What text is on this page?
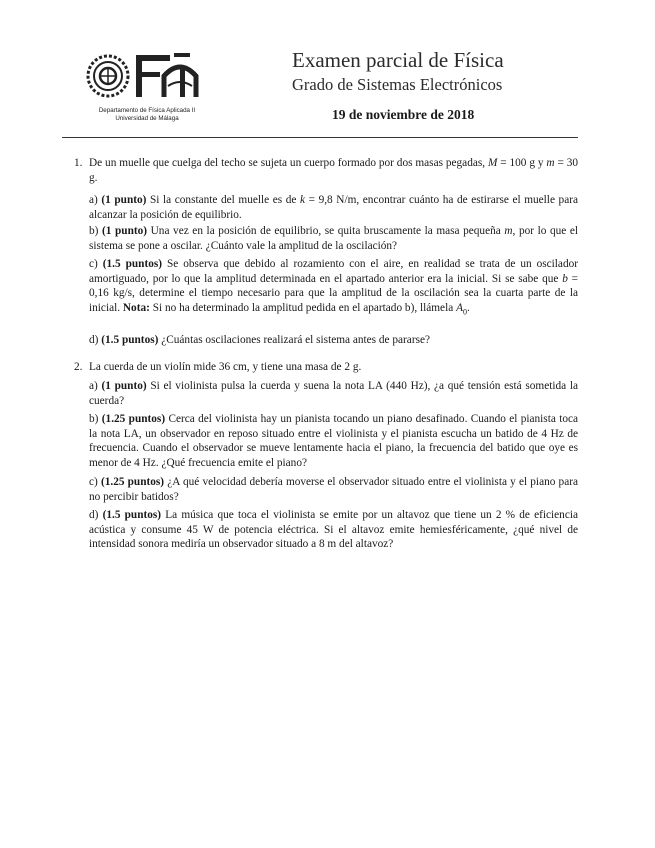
Departamento de Física Aplicada II
Universidad de Málaga
Examen parcial de Física
Grado de Sistemas Electrónicos
19 de noviembre de 2018
1. De un muelle que cuelga del techo se sujeta un cuerpo formado por dos masas pegadas, M = 100 g y m = 30 g.
a) (1 punto) Si la constante del muelle es de k = 9,8 N/m, encontrar cuánto ha de estirarse el muelle para alcanzar la posición de equilibrio.
b) (1 punto) Una vez en la posición de equilibrio, se quita bruscamente la masa pequeña m, por lo que el sistema se pone a oscilar. ¿Cuánto vale la amplitud de la oscilación?
c) (1.5 puntos) Se observa que debido al rozamiento con el aire, en realidad se trata de un oscilador amortiguado, por lo que la amplitud determinada en el apartado anterior era la inicial. Si se sabe que b = 0,16 kg/s, determine el tiempo necesario para que la amplitud de la oscilación sea la cuarta parte de la inicial. Nota: Si no ha determinado la amplitud pedida en el apartado b), llámela $A_0$.
d) (1.5 puntos) ¿Cuántas oscilaciones realizará el sistema antes de pararse?
2. La cuerda de un violín mide 36 cm, y tiene una masa de 2 g.
a) (1 punto) Si el violinista pulsa la cuerda y suena la nota LA (440 Hz), ¿a qué tensión está sometida la cuerda?
b) (1.25 puntos) Cerca del violinista hay un pianista tocando un piano desafinado. Cuando el pianista toca la nota LA, un observador en reposo situado entre el violinista y el pianista escucha un batido de 4 Hz de frecuencia. Cuando el observador se mueve lentamente hacia el piano, la frecuencia del batido que oye es menor de 4 Hz. ¿Qué frecuencia emite el piano?
c) (1.25 puntos) ¿A qué velocidad debería moverse el observador situado entre el violinista y el piano para no percibir batidos?
d) (1.5 puntos) La música que toca el violinista se emite por un altavoz que tiene un 2 % de eficiencia acústica y consume 45 W de potencia eléctrica. Si el altavoz emite hemiesféricamente, ¿qué nivel de intensidad sonora mediría un observador situado a 8 m del altavoz?
